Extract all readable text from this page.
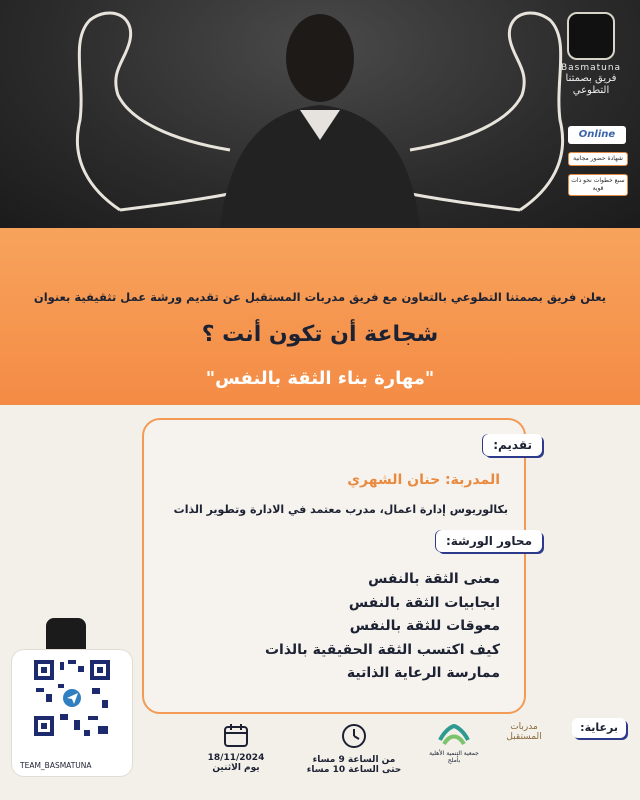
Basmatuna
فريق بصمتنا
التطوعي
Online
شهادة حضور مجانية
سبع خطوات نحو ذات قوية
يعلن فريق بصمتنا التطوعي بالتعاون مع فريق مدربات المستقبل عن تقديم ورشة عمل تثقيفية بعنوان
شجاعة أن تكون أنت ؟
"مهارة بناء الثقة بالنفس"
تقديم:
المدربة: حنان الشهري
بكالوريوس إدارة اعمال، مدرب معتمد في الادارة وتطوير الذات
محاور الورشة:
معنى الثقة بالنفس
ايجابيات الثقة بالنفس
معوقات للثقة بالنفس
كيف اكتسب الثقة الحقيقية بالذات
ممارسة الرعاية الذاتية
TEAM_BASMATUNA
18/11/2024
يوم الاثنين
من الساعة 9 مساء
حتى الساعة 10 مساء
برعاية:
جمعية التنمية الأهلية بأملج
مدربات
المستقبل
